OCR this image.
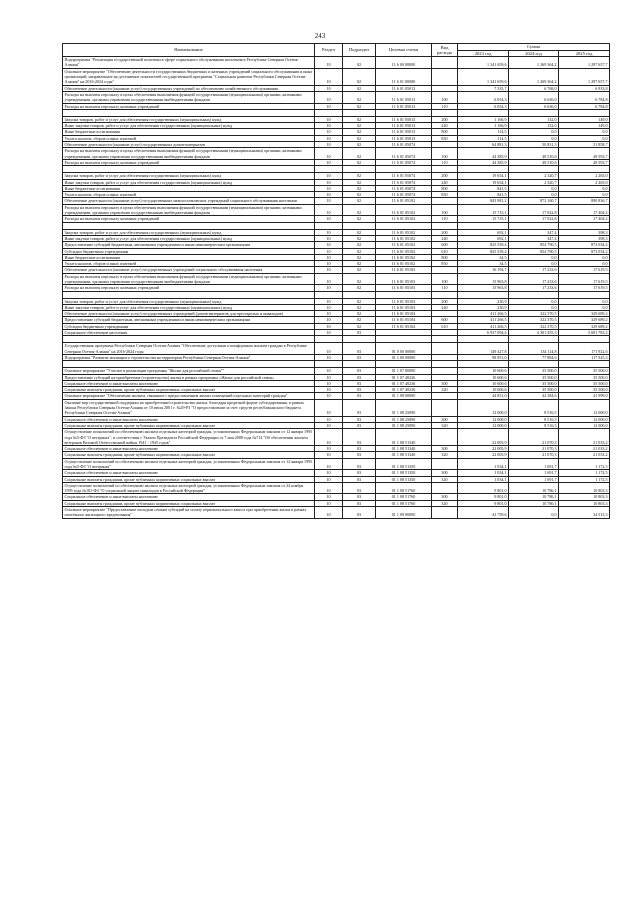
243
Наименование	Раздел	Подраздел	Целевая статья	Вид расхода	Сумма		
					2023 год	2024 год	2025 год
Подпрограмма "Реализация государственной политики в сфере социального обслуживания населения в Республике Северная Осетия-Алания"	10	02	11 6 00 00000		1 341 659,6	1 269 364,2	1 297 657,7
Основное мероприятие "Обеспечение деятельности государственных бюджетных и казенных учреждений социального обслуживания и иных организаций, направленное на достижение показателей государственной программы "Социальная развитие Республики Северная Осетия-Алания" на 2016-2024 годы"	10	02	11 6 01 00000		1 341 659,6	1 269 364,2	1 297 657,7
Обеспечение деятельности (оказание услуг) государственных учреждений по обеспечению хозяйственного обслуживания	10	02	11 6 01 05013		7 335,7	6 768,0	6 933,8
Расходы на выплаты персоналу в целях обеспечения выполнения функций государственными (муниципальными) органами, казенными учреждениями, органами управления государственными внебюджетными фондами	10	02	11 6 01 05013	100	6 054,3	6 636,0	6 784,8
Расходы на выплаты персоналу казенных учреждений	10	02	11 6 01 05013	110	6 054,3	6 636,0	6 784,8

Закупка товаров, работ и услуг для обеспечения государственных (муниципальных) нужд	10	02	11 6 01 05013	200	1 166,9	132,0	149,0
Иные закупки товаров, работ и услуг для обеспечения государственных (муниципальных) нужд	10	02	11 6 01 05013	240	1 166,9	132,0	149,0
Иные бюджетные ассигнования	10	02	11 6 01 05013	800	114,5	0,0	0,0
Уплата налогов, сборов и иных платежей	10	02	11 6 01 05013	850	114,5	0,0	0,0
Обеспечение деятельности (оказание услуг) государственных домов-интернатов	10	02	11 6 01 05074		64 881,3	50 831,3	51 858,7
Расходы на выплаты персоналу в целях обеспечения выполнения функций государственными (муниципальными) органами, казенными учреждениями, органами управления государственными внебюджетными фондами	10	02	11 6 01 05074	100	44 385,9	48 510,6	49 593,7
Расходы на выплаты персоналу казенных учреждений	10	02	11 6 01 05074	110	44 385,9	48 510,6	49 593,7

Закупка товаров, работ и услуг для обеспечения государственных (муниципальных) нужд	10	02	11 6 01 05074	200	19 654,1	2 320,7	2 265,0
Иные закупки товаров, работ и услуг для обеспечения государственных (муниципальных) нужд	10	02	11 6 01 05074	240	19 654,1	2 320,7	2 265,0
Иные бюджетные ассигнования	10	02	11 6 01 05074	800	841,5	0,0	0,0
Уплата налогов, сборов и иных платежей	10	02	11 6 01 05074	850	841,5	0,0	0,0
Обеспечение деятельности (оказание услуг) государственных межпоселенческих учреждений социального обслуживания населения	10	02	11 6 01 05102		843 981,2	872 160,7	890 836,7
Расходы на выплаты персоналу в целях обеспечения выполнения функций государственными (муниципальными) органами, казенными учреждениями, органами управления государственными внебюджетными фондами	10	02	11 6 01 05102	100	15 715,1	17 022,8	17 404,2
Расходы на выплаты персоналу казенных учреждений	10	02	11 6 01 05102	110	15 715,1	17 022,8	17 404,2

Закупка товаров, работ и услуг для обеспечения государственных (муниципальных) нужд	10	02	11 6 01 05102	200	692,1	347,4	398,3
Иные закупки товаров, работ и услуг для обеспечения государственных (муниципальных) нужд	10	02	11 6 01 05102	240	692,1	347,4	398,3
Предоставление субсидий бюджетным, автономным учреждениям и иным некоммерческим организациям	10	02	11 6 01 05102	600	825 539,4	854 790,5	873 034,2
Субсидии бюджетным учреждениям	10	02	11 6 01 05102	610	825 539,4	854 790,5	873 034,2
Иные бюджетные ассигнования	10	02	11 6 01 05102	800	34,5	0,0	0,0
Уплата налогов, сборов и иных платежей	10	02	11 6 01 05102	850	34,5	0,0	0,0
Обеспечение деятельности (оказание услуг) государственных учреждений социального обслуживания населения	10	02	11 6 01 05103		16 194,7	17 233,6	17 619,5
Расходы на выплаты персоналу в целях обеспечения выполнения функций государственными (муниципальными) органами, казенными учреждениями, органами управления государственными внебюджетными фондами	10	02	11 6 01 05103	100	15 963,8	17 233,6	17 619,5
Расходы на выплаты персоналу казенных учреждений	10	02	11 6 01 05103	110	15 963,8	17 233,6	17 619,5

Закупка товаров, работ и услуг для обеспечения государственных (муниципальных) нужд	10	02	11 6 01 05103	200	230,9	0,0	0,0
Иные закупки товаров, работ и услуг для обеспечения государственных (муниципальных) нужд	10	02	11 6 01 05103	240	230,9	0,0	0,0
Обеспечение деятельности (оказание услуг) государственных учреждений (домов-интернатов для престарелых и инвалидов)	10	02	11 6 01 05104		411 266,5	322 370,5	329 689,2
Предоставление субсидий бюджетным, автономным учреждениям и иным некоммерческим организациям	10	02	11 6 01 05104	600	411 266,5	322 370,5	329 689,2
Субсидии бюджетным учреждениям	10	02	11 6 01 05104	610	411 266,5	322 370,5	329 689,2
Социальное обеспечение населения	10	03			6 937 094,4	4 301 455,3	3 681 783,2

Государственная программа Республики Северная Осетия-Алания "Обеспечение доступным и комфортным жильем граждан в Республике Северная Осетия-Алания" на 2016-2024 годы	10	03	01 0 00 00000		149 427,8	134 114,8	171 922,6
Подпрограмма "Развитие жилищного строительства на территории Республики Северная Осетия-Алания"	10	03	01 1 00 00000		98 951,0	77 884,6	117 925,3

Основное мероприятие "Участие в реализации программы "Жилье для российской семьи""	10	03	01 1 07 00000		10 600,6	35 500,0	35 500,0
Предоставление субсидий на приобретение (строительство) жилья в рамках программы «Жилье для российской семьи»	10	03	01 1 07 40236		10 600,6	35 500,0	35 500,0
Социальное обеспечение и иные выплаты населению	10	03	01 1 07 40236	300	10 600,6	35 500,0	35 500,0
Социальные выплаты гражданам, кроме публичных нормативных социальных выплат	10	03	01 1 07 40236	320	10 600,6	35 500,0	35 500,0
Основное мероприятие "Обеспечение жильем, связанное с предоставлением жилых помещений отдельных категорий граждан"	10	03	01 1 08 00000		44 851,0	42 384,6	41 999,0
Оказание мер государственной поддержки на приобретение/строительство жилья, благодаря кредитной форме субсидирования, в рамках Закона Республики Северная Осетия-Алания от 10 июля 2001 г. №29-РЗ "О предоставлении за счет средств республиканского бюджета Республики Северная Осетия-Алания"	10	03	01 1 08 25090		12 000,0	8 516,5	12 000,0
Социальное обеспечение и иные выплаты населению	10	03	01 1 08 25090	300	12 000,0	8 516,5	12 000,0
Социальные выплаты гражданам, кроме публичных нормативных социальных выплат	10	03	01 1 08 25090	320	12 000,0	8 516,5	12 000,0
Осуществление полномочий по обеспечению жильем отдельных категорий граждан, установленных Федеральным законом от 12 января 1995 года №5-ФЗ "О ветеранах", в соответствии с Указом Президента Российской Федерации от 7 мая 2008 года №714 "Об обеспечении жильем ветеранов Великой Отечественной войны 1941 - 1945 годов"	10	03	01 1 08 51340		22 005,9	21 070,3	21 033,2
Социальное обеспечение и иные выплаты населению	10	03	01 1 08 51340	300	22 005,9	21 070,3	21 033,2
Социальные выплаты гражданам, кроме публичных нормативных социальных выплат	10	03	01 1 08 51340	320	22 005,9	21 070,3	21 033,2
Осуществление полномочий по обеспечению жильем отдельных категорий граждан, установленных Федеральным законом от 12 января 1995 года №5-ФЗ "О ветеранах"	10	03	01 1 08 51350		1 034,1	1 691,7	1 172,5
Социальное обеспечение и иные выплаты населению	10	03	01 1 08 51350	300	1 034,1	1 691,7	1 172,5
Социальные выплаты гражданам, кроме публичных нормативных социальных выплат	10	03	01 1 08 51350	320	1 034,1	1 691,7	1 172,5
Осуществление полномочий по обеспечению жильем отдельных категорий граждан, установленных Федеральным законом от 24 ноября 1995 года №181-ФЗ "О социальной защите инвалидов в Российской Федерации"	10	03	01 1 08 51760		9 801,0	10 786,1	10 803,3
Социальное обеспечение и иные выплаты населению	10	03	01 1 08 51760	300	9 801,0	10 786,1	10 803,3
Социальные выплаты гражданам, кроме публичных нормативных социальных выплат	10	03	01 1 08 51760	320	9 801,0	10 786,1	10 803,3
Основное мероприятие "Предоставление молодым семьям субсидий на оплату первоначального взноса при приобретении жилья в рамках ипотечного жилищного кредитования"	10	03	01 1 09 00000		43 759,6	0,0	34 515,3
